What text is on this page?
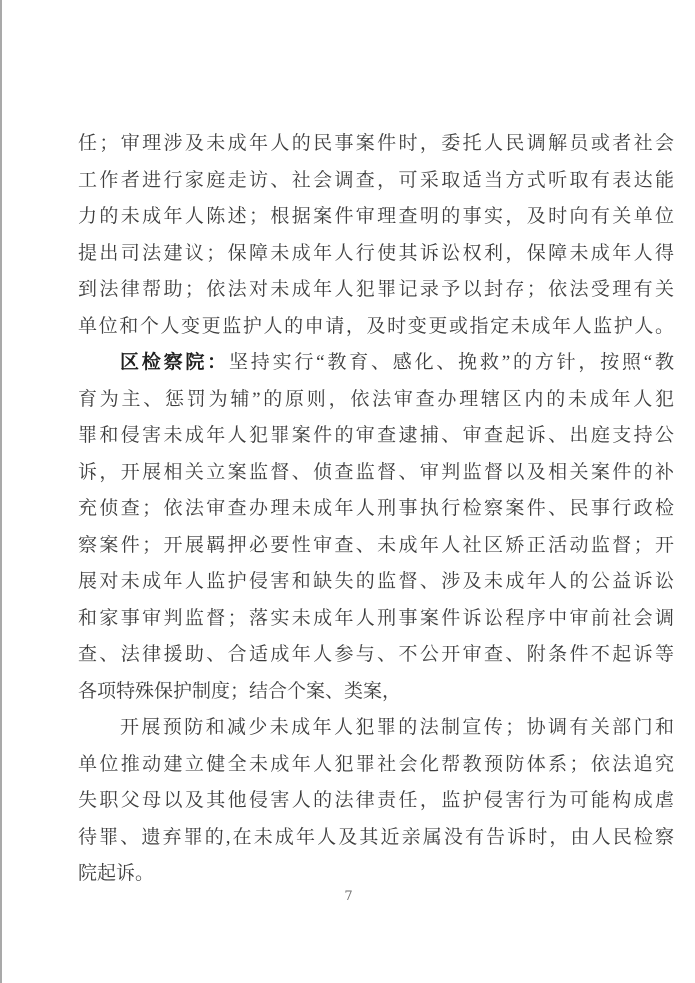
任；审理涉及未成年人的民事案件时，委托人民调解员或者社会
工作者进行家庭走访、社会调查，可采取适当方式听取有表达能
力的未成年人陈述；根据案件审理查明的事实，及时向有关单位
提出司法建议；保障未成年人行使其诉讼权利，保障未成年人得
到法律帮助；依法对未成年人犯罪记录予以封存；依法受理有关
单位和个人变更监护人的申请，及时变更或指定未成年人监护人。
区检察院：坚持实行“教育、感化、挽救”的方针，按照“教
育为主、惩罚为辅”的原则，依法审查办理辖区内的未成年人犯
罪和侵害未成年人犯罪案件的审查逮捕、审查起诉、出庭支持公
诉，开展相关立案监督、侦查监督、审判监督以及相关案件的补
充侦查；依法审查办理未成年人刑事执行检察案件、民事行政检
察案件；开展羁押必要性审查、未成年人社区矫正活动监督；开
展对未成年人监护侵害和缺失的监督、涉及未成年人的公益诉讼
和家事审判监督；落实未成年人刑事案件诉讼程序中审前社会调
查、法律援助、合适成年人参与、不公开审查、附条件不起诉等
各项特殊保护制度；结合个案、类案，
开展预防和减少未成年人犯罪的法制宣传；协调有关部门和
单位推动建立健全未成年人犯罪社会化帮教预防体系；依法追究
失职父母以及其他侵害人的法律责任，监护侵害行为可能构成虐
待罪、遗弃罪的,在未成年人及其近亲属没有告诉时，由人民检察
院起诉。
7
